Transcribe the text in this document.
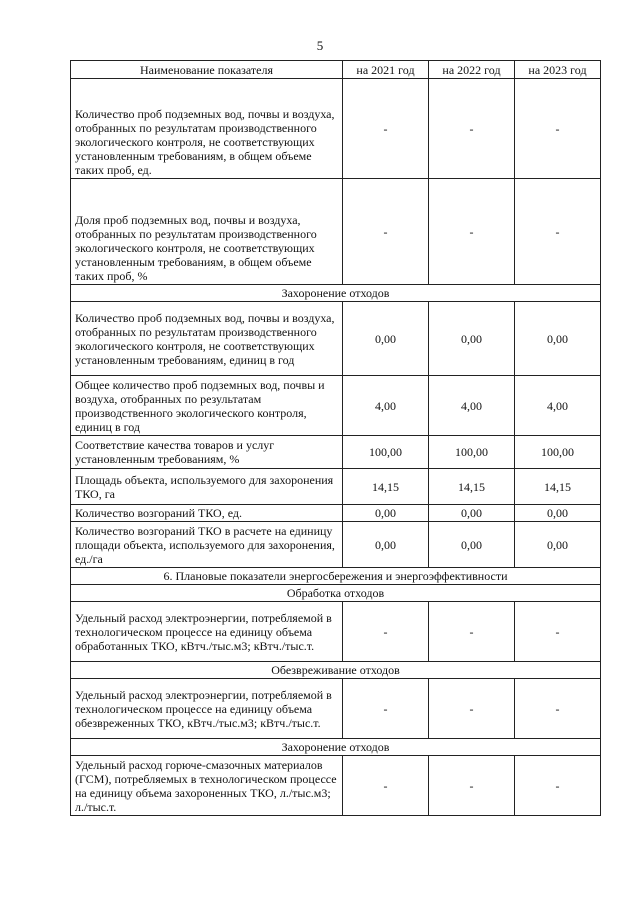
5
Наименование показателя	на 2021 год	на 2022 год	на 2023 год
Количество проб подземных вод, почвы и воздуха, отобранных по результатам производственного экологического контроля, не соответствующих установленным требованиям, в общем объеме таких проб, ед.	-	-	-
Доля проб подземных вод, почвы и воздуха, отобранных по результатам производственного экологического контроля, не соответствующих установленным требованиям, в общем объеме таких проб, %	-	-	-
Захоронение отходов			
Количество проб подземных вод, почвы и воздуха, отобранных по результатам производственного экологического контроля, не соответствующих установленным требованиям, единиц в год	0,00	0,00	0,00
Общее количество проб подземных вод, почвы и воздуха, отобранных по результатам производственного экологического контроля, единиц в год	4,00	4,00	4,00
Соответствие качества товаров и услуг установленным требованиям, %	100,00	100,00	100,00
Площадь объекта, используемого для захоронения ТКО, га	14,15	14,15	14,15
Количество возгораний ТКО, ед.	0,00	0,00	0,00
Количество возгораний ТКО в расчете на единицу площади объекта, используемого для захоронения, ед./га	0,00	0,00	0,00
6. Плановые показатели энергосбережения и энергоэффективности			
Обработка отходов			
Удельный расход электроэнергии, потребляемой в технологическом процессе на единицу объема обработанных ТКО, кВтч./тыс.м3; кВтч./тыс.т.	-	-	-
Обезвреживание отходов			
Удельный расход электроэнергии, потребляемой в технологическом процессе на единицу объема обезвреженных ТКО, кВтч./тыс.м3; кВтч./тыс.т.	-	-	-
Захоронение отходов			
Удельный расход горюче-смазочных материалов (ГСМ), потребляемых в технологическом процессе на единицу объема захороненных ТКО, л./тыс.м3; л./тыс.т.	-	-	-
